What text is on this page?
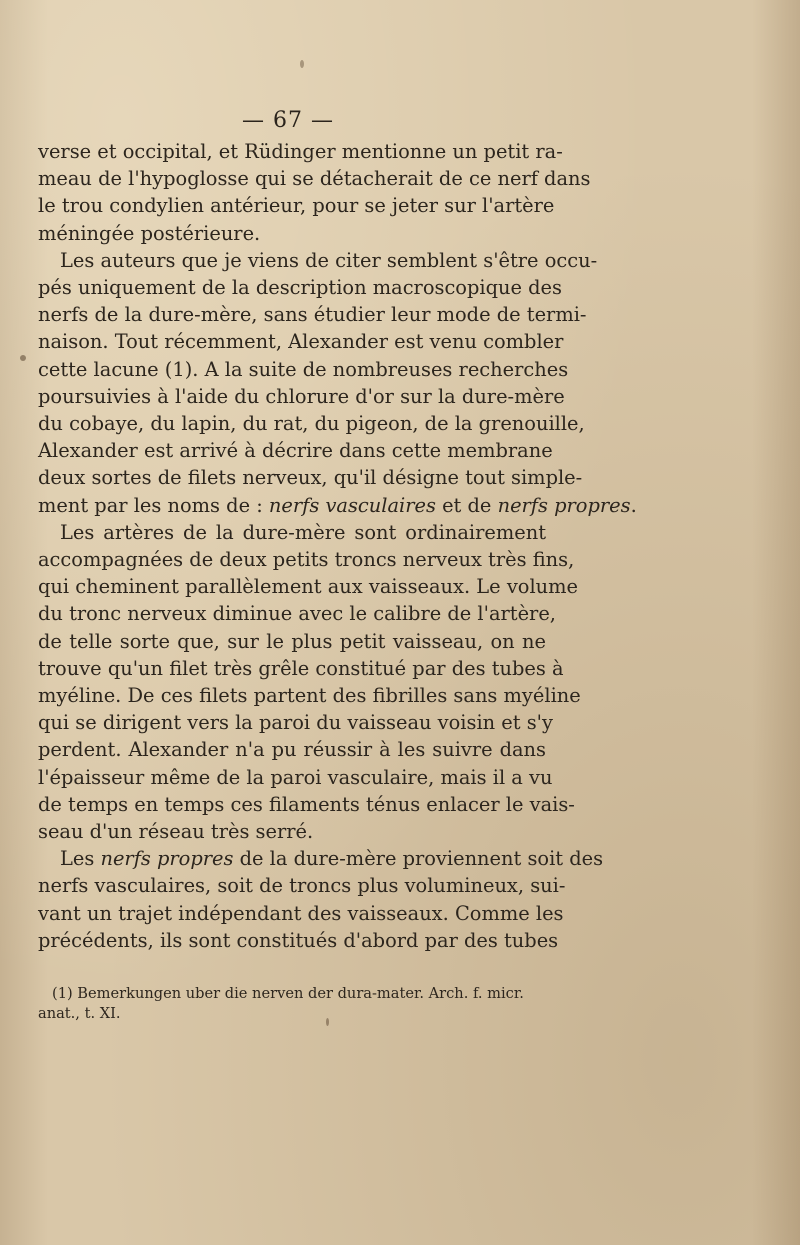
— 67 —

verse et occipital, et Rüdinger mentionne un petit ra-
meau de l'hypoglosse qui se détacherait de ce nerf dans
le trou condylien antérieur, pour se jeter sur l'artère
méningée postérieure.

Les auteurs que je viens de citer semblent s'être occu-
pés uniquement de la description macroscopique des
nerfs de la dure-mère, sans étudier leur mode de termi-
naison. Tout récemment, Alexander est venu combler
cette lacune (1). A la suite de nombreuses recherches
poursuivies à l'aide du chlorure d'or sur la dure-mère
du cobaye, du lapin, du rat, du pigeon, de la grenouille,
Alexander est arrivé à décrire dans cette membrane
deux sortes de filets nerveux, qu'il désigne tout simple-
ment par les noms de : nerfs vasculaires et de nerfs propres.

Les artères de la dure-mère sont ordinairement
accompagnées de deux petits troncs nerveux très fins,
qui cheminent parallèlement aux vaisseaux. Le volume
du tronc nerveux diminue avec le calibre de l'artère,
de telle sorte que, sur le plus petit vaisseau, on ne
trouve qu'un filet très grêle constitué par des tubes à
myéline. De ces filets partent des fibrilles sans myéline
qui se dirigent vers la paroi du vaisseau voisin et s'y
perdent. Alexander n'a pu réussir à les suivre dans
l'épaisseur même de la paroi vasculaire, mais il a vu
de temps en temps ces filaments ténus enlacer le vais-
seau d'un réseau très serré.

Les nerfs propres de la dure-mère proviennent soit des
nerfs vasculaires, soit de troncs plus volumineux, sui-
vant un trajet indépendant des vaisseaux. Comme les
précédents, ils sont constitués d'abord par des tubes

(1) Bemerkungen uber die nerven der dura-mater. Arch. f. micr.
anat., t. XI.
